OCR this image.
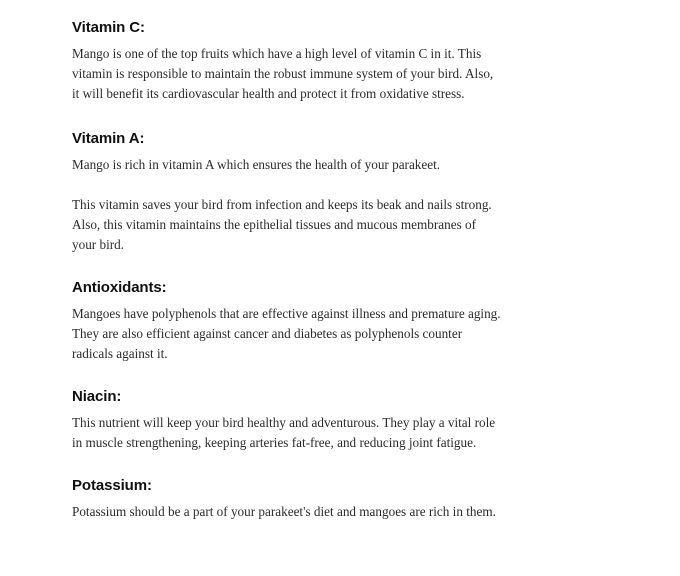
Vitamin C:

Mango is one of the top fruits which have a high level of vitamin C in it. This vitamin is responsible to maintain the robust immune system of your bird. Also, it will benefit its cardiovascular health and protect it from oxidative stress.

Vitamin A:

Mango is rich in vitamin A which ensures the health of your parakeet.

This vitamin saves your bird from infection and keeps its beak and nails strong. Also, this vitamin maintains the epithelial tissues and mucous membranes of your bird.

Antioxidants:

Mangoes have polyphenols that are effective against illness and premature aging. They are also efficient against cancer and diabetes as polyphenols counter radicals against it.

Niacin:

This nutrient will keep your bird healthy and adventurous. They play a vital role in muscle strengthening, keeping arteries fat-free, and reducing joint fatigue.

Potassium:

Potassium should be a part of your parakeet's diet and mangoes are rich in them.
